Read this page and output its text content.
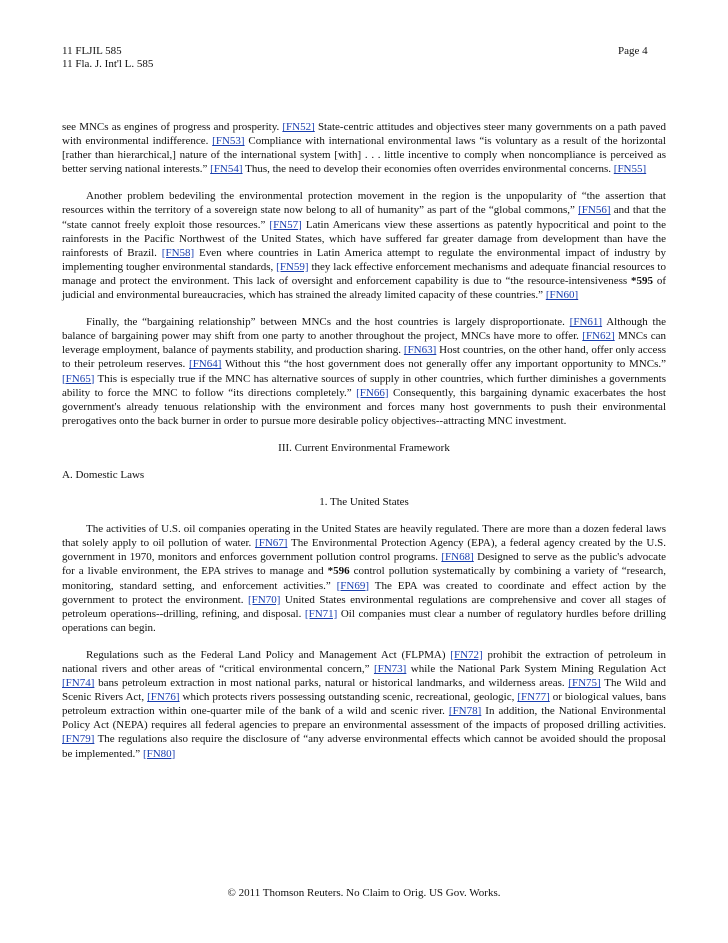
11 FLJIL 585
11 Fla. J. Int'l L. 585
Page 4

see MNCs as engines of progress and prosperity. [FN52] State-centric attitudes and objectives steer many governments on a path paved with environmental indifference. [FN53] Compliance with international environmental laws “is voluntary as a result of the horizontal [rather than hierarchical,] nature of the international system [with] . . . little incentive to comply when noncompliance is perceived as better serving national interests.” [FN54] Thus, the need to develop their economies often overrides environmental concerns. [FN55]

Another problem bedeviling the environmental protection movement in the region is the unpopularity of “the assertion that resources within the territory of a sovereign state now belong to all of humanity” as part of the “global commons,” [FN56] and that the “state cannot freely exploit those resources.” [FN57] Latin Americans view these assertions as patently hypocritical and point to the rainforests in the Pacific Northwest of the United States, which have suffered far greater damage from development than have the rainforests of Brazil. [FN58] Even where countries in Latin America attempt to regulate the environmental impact of industry by implementing tougher environmental standards, [FN59] they lack effective enforcement mechanisms and adequate financial resources to manage and protect the environment. This lack of oversight and enforcement capability is due to “the resource-intensiveness *595 of judicial and environmental bureaucracies, which has strained the already limited capacity of these countries.” [FN60]

Finally, the “bargaining relationship” between MNCs and the host countries is largely disproportionate. [FN61] Although the balance of bargaining power may shift from one party to another throughout the project, MNCs have more to offer. [FN62] MNCs can leverage employment, balance of payments stability, and production sharing. [FN63] Host countries, on the other hand, offer only access to their petroleum reserves. [FN64] Without this “the host government does not generally offer any important opportunity to MNCs.” [FN65] This is especially true if the MNC has alternative sources of supply in other countries, which further diminishes a governments ability to force the MNC to follow “its directions completely.” [FN66] Consequently, this bargaining dynamic exacerbates the host government's already tenuous relationship with the environment and forces many host governments to push their environmental prerogatives onto the back burner in order to pursue more desirable policy objectives--attracting MNC investment.

III. Current Environmental Framework
A. Domestic Laws
1. The United States

The activities of U.S. oil companies operating in the United States are heavily regulated. There are more than a dozen federal laws that solely apply to oil pollution of water. [FN67] The Environmental Protection Agency (EPA), a federal agency created by the U.S. government in 1970, monitors and enforces government pollution control programs. [FN68] Designed to serve as the public's advocate for a livable environment, the EPA strives to manage and *596 control pollution systematically by combining a variety of “research, monitoring, standard setting, and enforcement activities.” [FN69] The EPA was created to coordinate and effect action by the government to protect the environment. [FN70] United States environmental regulations are comprehensive and cover all stages of petroleum operations--drilling, refining, and disposal. [FN71] Oil companies must clear a number of regulatory hurdles before drilling operations can begin.

Regulations such as the Federal Land Policy and Management Act (FLPMA) [FN72] prohibit the extraction of petroleum in national rivers and other areas of “critical environmental concern,” [FN73] while the National Park System Mining Regulation Act [FN74] bans petroleum extraction in most national parks, natural or historical landmarks, and wilderness areas. [FN75] The Wild and Scenic Rivers Act, [FN76] which protects rivers possessing outstanding scenic, recreational, geologic, [FN77] or biological values, bans petroleum extraction within one-quarter mile of the bank of a wild and scenic river. [FN78] In addition, the National Environmental Policy Act (NEPA) requires all federal agencies to prepare an environmental assessment of the impacts of proposed drilling activities. [FN79] The regulations also require the disclosure of “any adverse environmental effects which cannot be avoided should the proposal be implemented.” [FN80]

© 2011 Thomson Reuters. No Claim to Orig. US Gov. Works.
